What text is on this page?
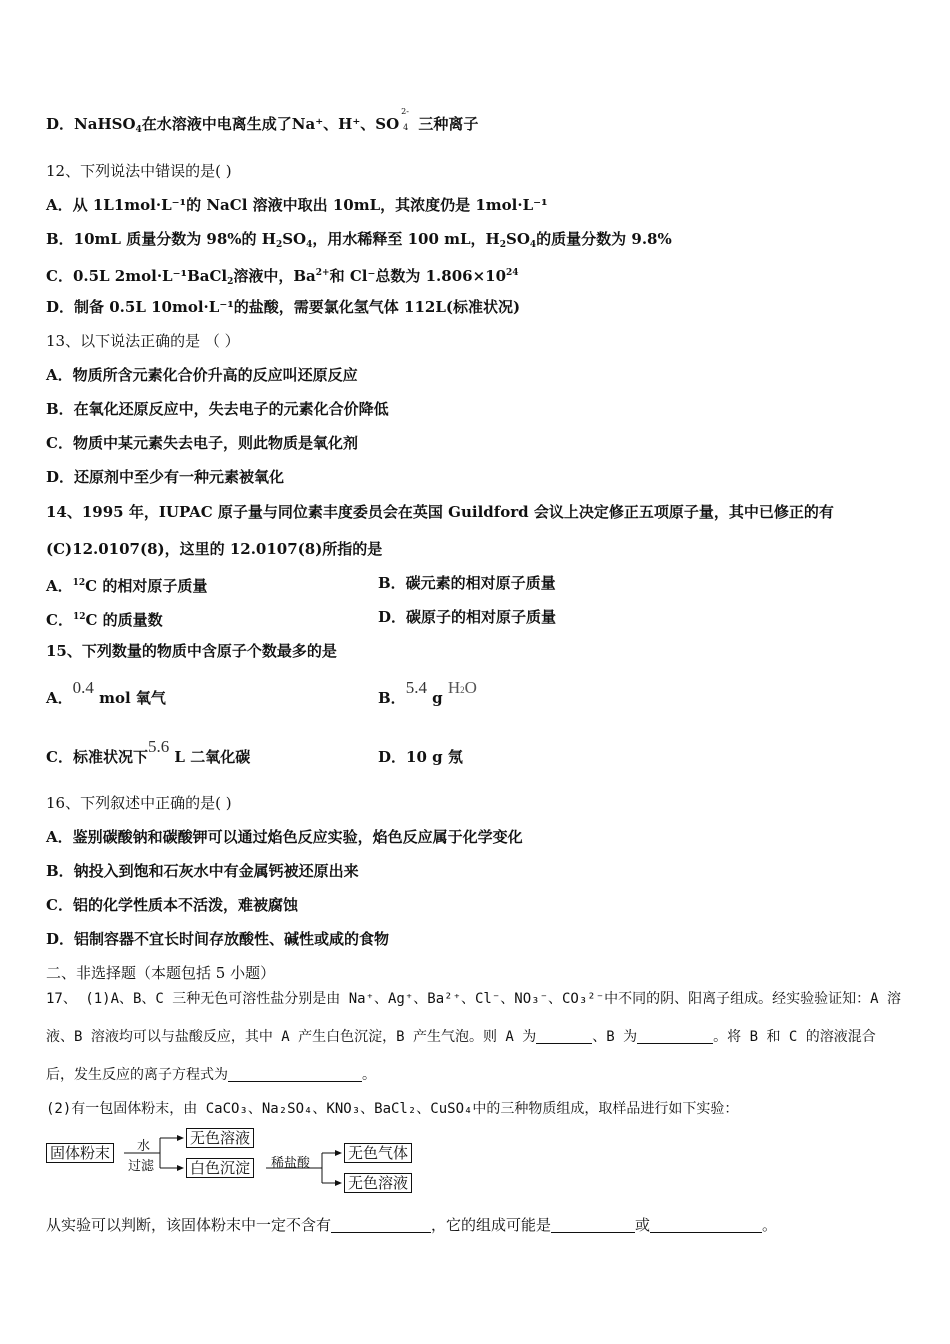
D．NaHSO$_4$在水溶液中电离生成了Na⁺、H⁺、SO
2-
4 三种离子
12、下列说法中错误的是( )
A．从 1L1mol·L⁻¹的 NaCl 溶液中取出 10mL，其浓度仍是 1mol·L⁻¹
B．10mL 质量分数为 98%的 $H_2SO_4$，用水稀释至 100 mL，$H_2SO_4$的质量分数为 9.8%
C．0.5L 2mol·L⁻¹BaCl$_2$溶液中，$Ba^{2+}$和 Cl⁻总数为 $1.806\times 10^{24}$
D．制备 0.5L 10mol·L⁻¹的盐酸，需要氯化氢气体 112L(标准状况)
13、以下说法正确的是 （ ）
A．物质所含元素化合价升高的反应叫还原反应
B．在氧化还原反应中，失去电子的元素化合价降低
C．物质中某元素失去电子，则此物质是氧化剂
D．还原剂中至少有一种元素被氧化
14、1995 年，IUPAC 原子量与同位素丰度委员会在英国 Guildford 会议上决定修正五项原子量，其中已修正的有
(C)12.0107(8)，这里的 12.0107(8)所指的是
A．$^{12}$C 的相对原子质量	B．碳元素的相对原子质量
C．$^{12}$C 的质量数	D．碳原子的相对原子质量
15、下列数量的物质中含原子个数最多的是
A．0.4 mol 氧气	B．5.4 g H2O
C．标准状况下5.6 L 二氧化碳	D．10 g 氖
16、下列叙述中正确的是( )
A．鉴别碳酸钠和碳酸钾可以通过焰色反应实验，焰色反应属于化学变化
B．钠投入到饱和石灰水中有金属钙被还原出来
C．铝的化学性质本不活泼，难被腐蚀
D．铝制容器不宜长时间存放酸性、碱性或咸的食物
二、非选择题（本题包括 5 小题）
17、 (1)A、B、C 三种无色可溶性盐分别是由 Na⁺、Ag⁺、Ba²⁺、Cl⁻、NO₃⁻、CO₃²⁻中不同的阴、阳离子组成。经实验验证知：A 溶
液、B 溶液均可以与盐酸反应，其中 A 产生白色沉淀，B 产生气泡。则 A 为	、B 为	。将 B 和 C 的溶液混合
后，发生反应的离子方程式为	。
(2)有一包固体粉末，由 CaCO₃、Na₂SO₄、KNO₃、BaCl₂、CuSO₄中的三种物质组成，取样品进行如下实验：
固体粉末	水
过滤
无色溶液
白色沉淀	稀盐酸
无色气体
无色溶液
从实验可以判断，该固体粉末中一定不含有	，它的组成可能是	或	。
